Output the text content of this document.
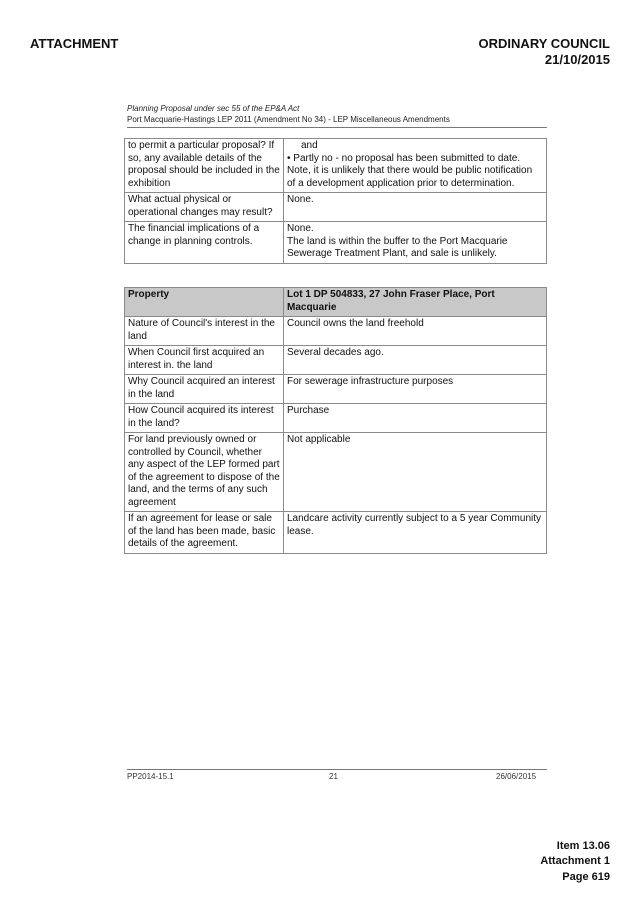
ATTACHMENT	ORDINARY COUNCIL
21/10/2015
Planning Proposal under sec 55 of the EP&A Act
Port Macquarie-Hastings LEP 2011 (Amendment No 34) - LEP Miscellaneous Amendments
to permit a particular proposal? If so, any available details of the proposal should be included in the exhibition	and
• Partly no - no proposal has been submitted to date.
Note, it is unlikely that there would be public notification of a development application prior to determination.

What actual physical or operational changes may result?	None.

The financial implications of a change in planning controls.	None.
The land is within the buffer to the Port Macquarie Sewerage Treatment Plant, and sale is unlikely.
Property	Lot 1 DP 504833, 27 John Fraser Place, Port Macquarie
Nature of Council's interest in the land	Council owns the land freehold
When Council first acquired an interest in. the land	Several decades ago.
Why Council acquired an interest in the land	For sewerage infrastructure purposes
How Council acquired its interest in the land?	Purchase
For land previously owned or controlled by Council, whether any aspect of the LEP formed part of the agreement to dispose of the land, and the terms of any such agreement	Not applicable
If an agreement for lease or sale of the land has been made, basic details of the agreement.	Landcare activity currently subject to a 5 year Community lease.
PP2014-15.1	21	26/06/2015
Item 13.06
Attachment 1
Page 619
